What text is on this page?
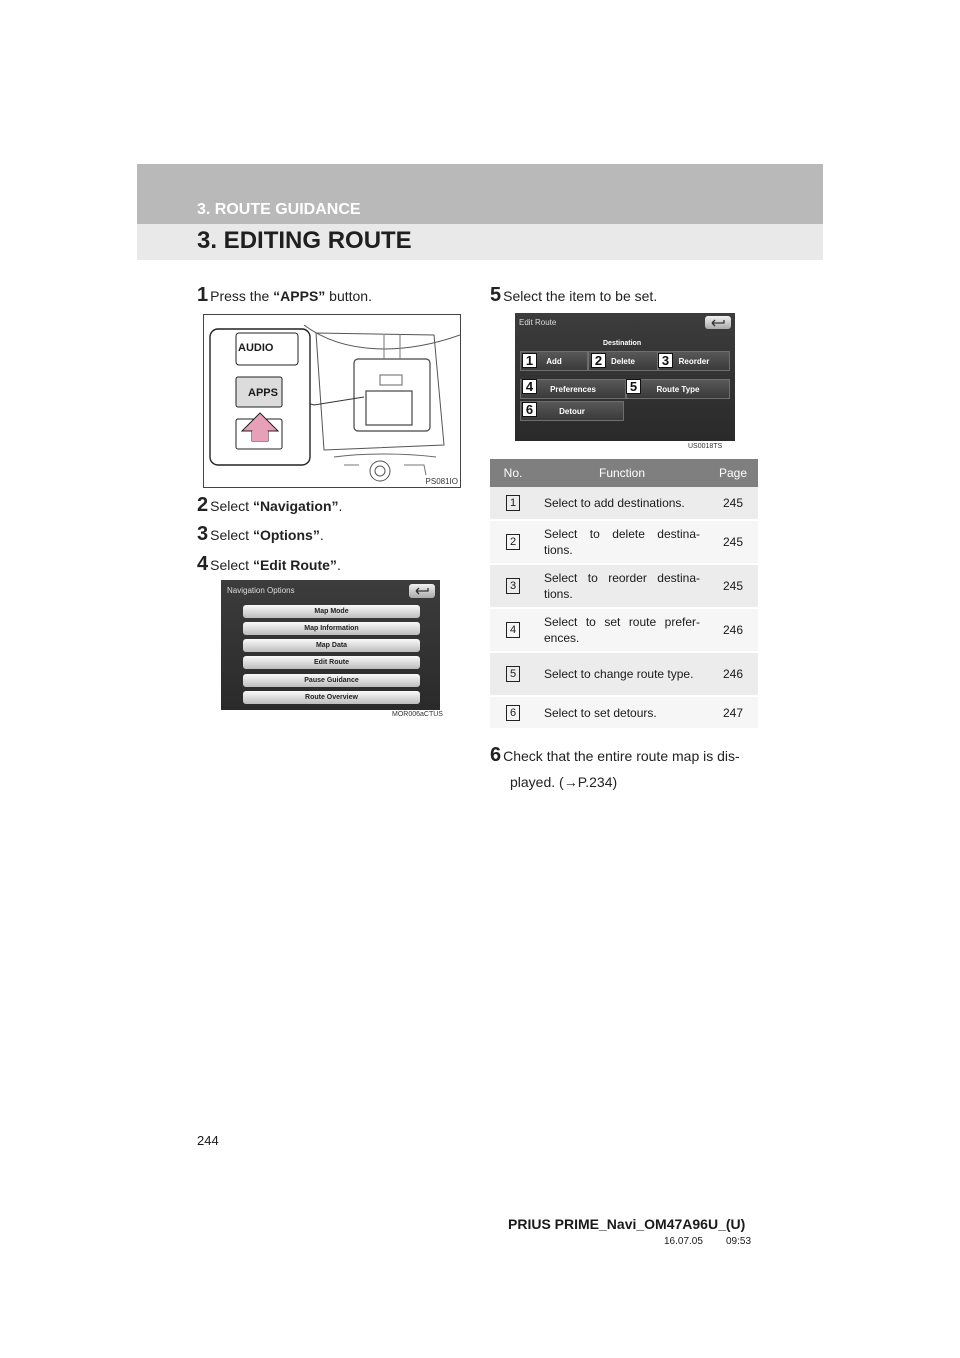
3. ROUTE GUIDANCE
3. EDITING ROUTE
1 Press the “APPS” button.
AUDIO
APPS
PS081IO
2 Select “Navigation”.
3 Select “Options”.
4 Select “Edit Route”.
Navigation Options
Map Mode
Map Information
Map Data
Edit Route
Pause Guidance
Route Overview
MOR006aCTUS
5 Select the item to be set.
Edit Route
Destination
Add	Delete	Reorder
Preferences	Route Type
Detour
1	2	3
4	5
6
US0018TS
No.	Function	Page
1	Select to add destinations.	245
2	Select to delete destina-tions.	245
3	Select to reorder destina-tions.	245
4	Select to set route prefer-ences.	246
5	Select to change route type.	246
6	Select to set detours.	247
6 Check that the entire route map is dis-
played. (→P.234)
244
PRIUS PRIME_Navi_OM47A96U_(U)
16.07.05 09:53
